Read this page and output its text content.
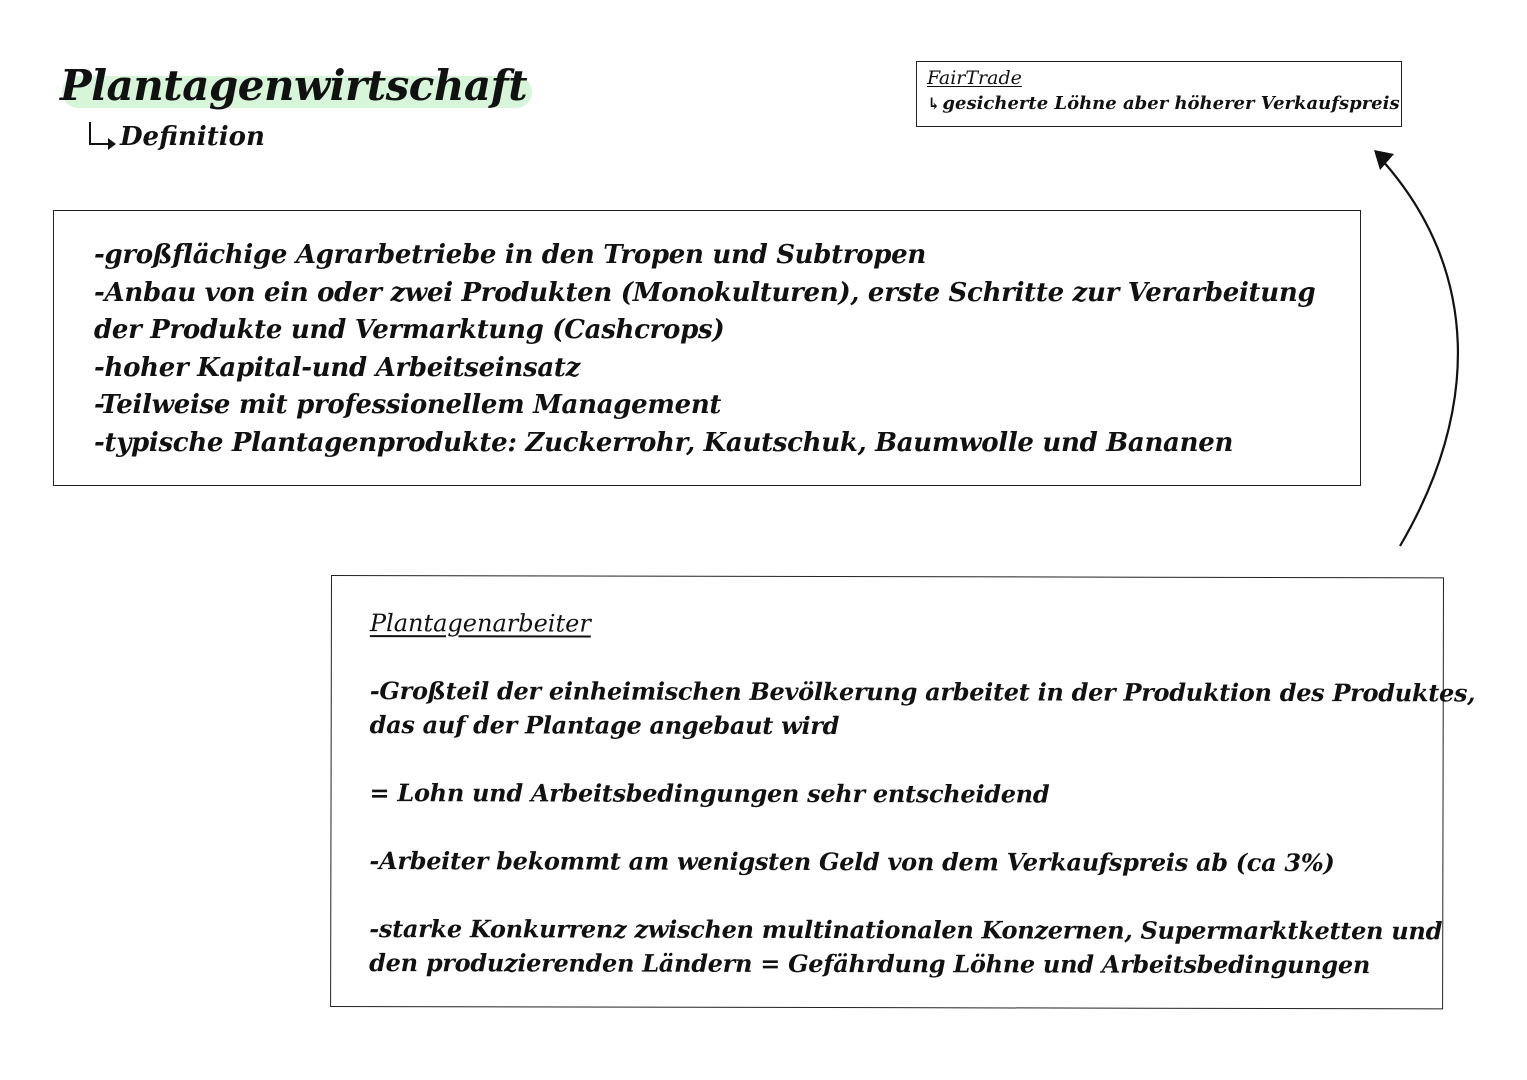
Plantagenwirtschaft
Definition
FairTrade
↳ gesicherte Löhne aber höherer Verkaufspreis
-großflächige Agrarbetriebe in den Tropen und Subtropen
-Anbau von ein oder zwei Produkten (Monokulturen), erste Schritte zur Verarbeitung
der Produkte und Vermarktung (Cashcrops)
-hoher Kapital-und Arbeitseinsatz
-Teilweise mit professionellem Management
-typische Plantagenprodukte: Zuckerrohr, Kautschuk, Baumwolle und Bananen
Plantagenarbeiter
-Großteil der einheimischen Bevölkerung arbeitet in der Produktion des Produktes,
das auf der Plantage angebaut wird
= Lohn und Arbeitsbedingungen sehr entscheidend
-Arbeiter bekommt am wenigsten Geld von dem Verkaufspreis ab (ca 3%)
-starke Konkurrenz zwischen multinationalen Konzernen, Supermarktketten und
den produzierenden Ländern = Gefährdung Löhne und Arbeitsbedingungen
